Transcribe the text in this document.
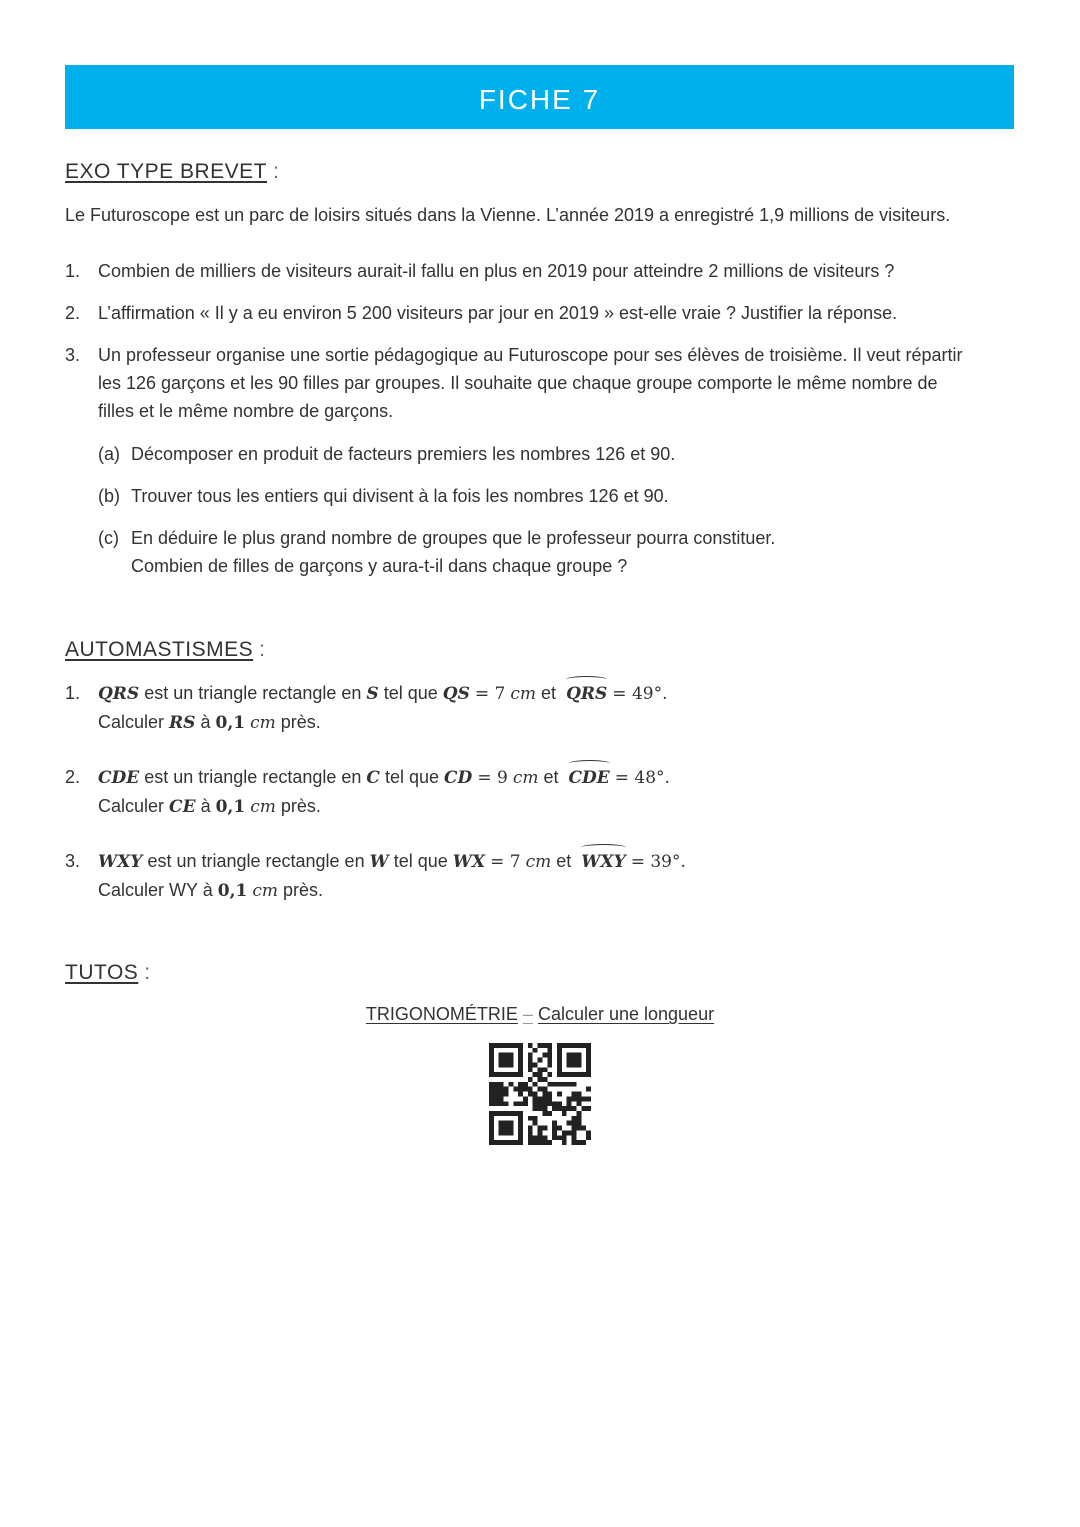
FICHE 7
EXO TYPE BREVET :
Le Futuroscope est un parc de loisirs situés dans la Vienne. L’année 2019 a enregistré 1,9 millions de visiteurs.
1. Combien de milliers de visiteurs aurait-il fallu en plus en 2019 pour atteindre 2 millions de visiteurs ?
2. L’affirmation « Il y a eu environ 5 200 visiteurs par jour en 2019 » est-elle vraie ? Justifier la réponse.
3. Un professeur organise une sortie pédagogique au Futuroscope pour ses élèves de troisième. Il veut répartir
les 126 garçons et les 90 filles par groupes. Il souhaite que chaque groupe comporte le même nombre de
filles et le même nombre de garçons.
(a) Décomposer en produit de facteurs premiers les nombres 126 et 90.
(b) Trouver tous les entiers qui divisent à la fois les nombres 126 et 90.
(c) En déduire le plus grand nombre de groupes que le professeur pourra constituer.
Combien de filles de garçons y aura-t-il dans chaque groupe ?
AUTOMASTISMES :
1. QRS est un triangle rectangle en S tel que QS = 7 cm et QRS = 49°.
Calculer RS à 0,1 cm près.
2. CDE est un triangle rectangle en C tel que CD = 9 cm et CDE = 48°.
Calculer CE à 0,1 cm près.
3. WXY est un triangle rectangle en W tel que WX = 7 cm et WXY = 39°.
Calculer WY à 0,1 cm près.
TUTOS :
TRIGONOMÉTRIE – Calculer une longueur
